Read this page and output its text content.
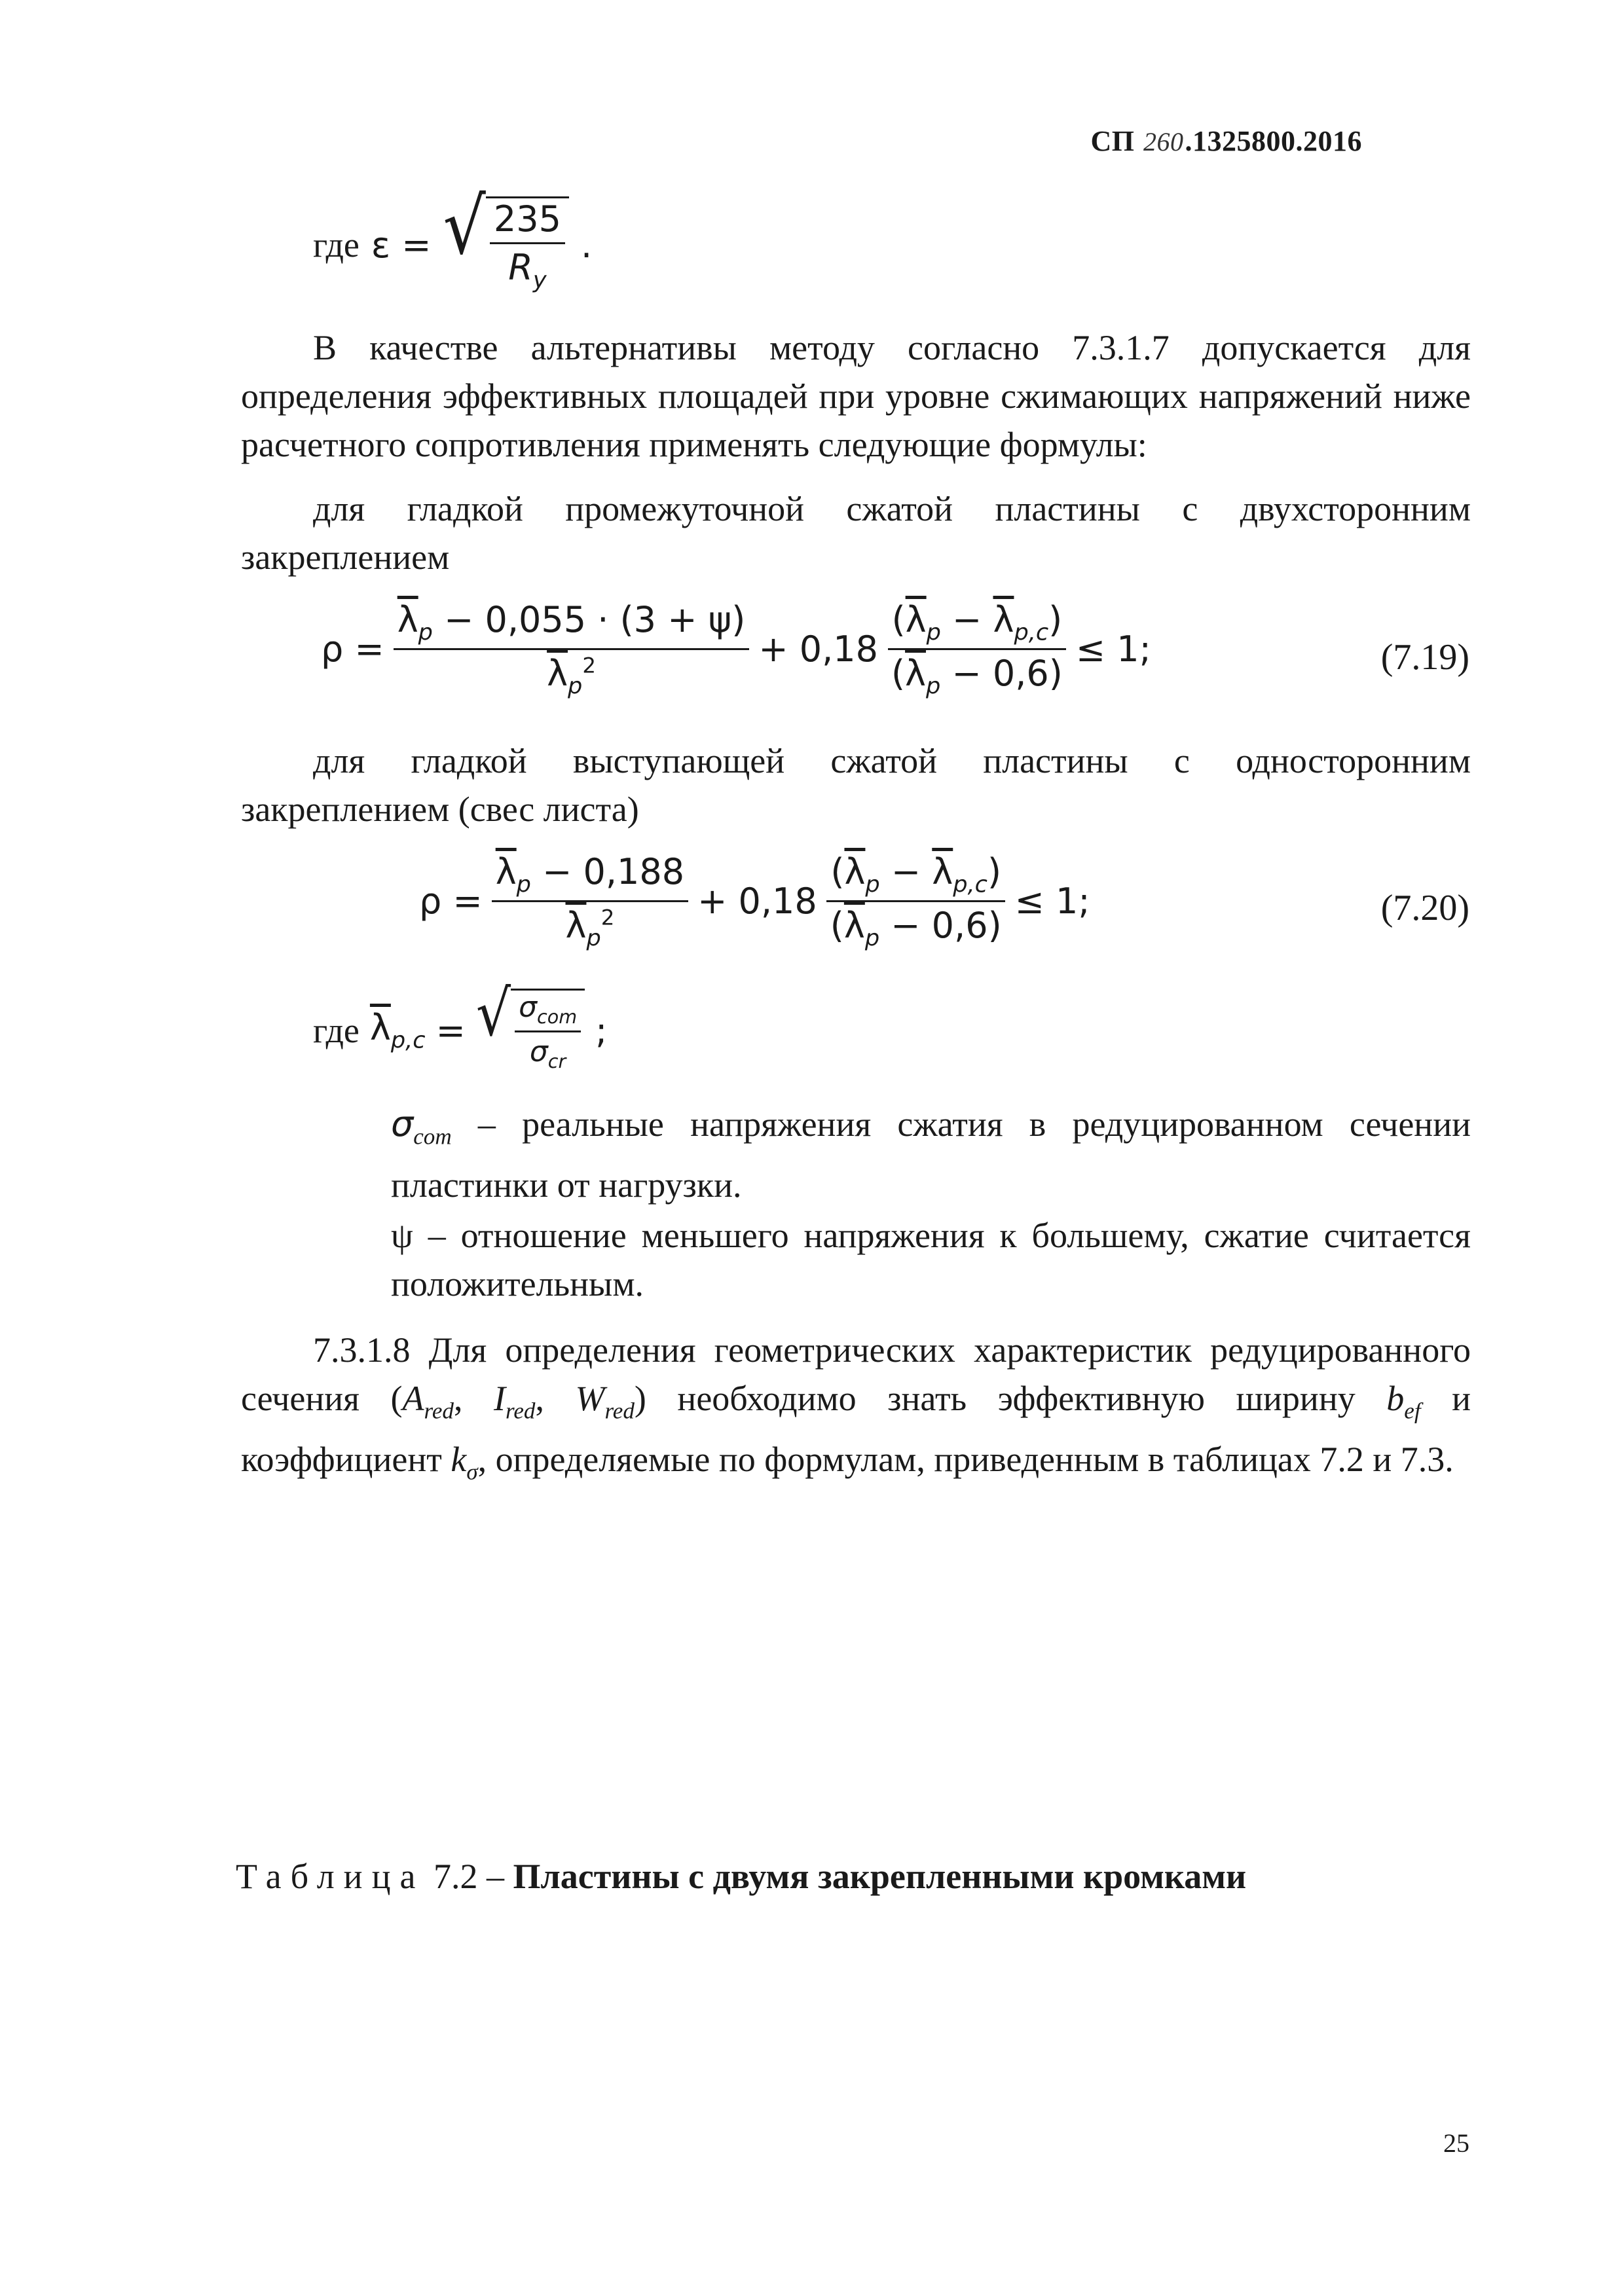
СП 260.1325800.2016
где ε = √ $\frac{235}{R_y}$ .
В качестве альтернативы методу согласно 7.3.1.7 допускается для определения эффективных площадей при уровне сжимающих напряжений ниже расчетного сопротивления применять следующие формулы:
для гладкой промежуточной сжатой пластины с двухсторонним
закреплением
$\rho = \frac{\overline{\lambda}_p - 0,055 \cdot (3 + \psi)}{\overline{\lambda}_p^2} + 0,18 \frac{(\overline{\lambda}_p - \overline{\lambda}_{p,c})}{(\overline{\lambda}_p - 0,6)} \le 1$;	(7.19)
для гладкой выступающей сжатой пластины с односторонним
закреплением (свес листа)
$\rho = \frac{\overline{\lambda}_p - 0,188}{\overline{\lambda}_p^2} + 0,18 \frac{(\overline{\lambda}_p - \overline{\lambda}_{p,c})}{(\overline{\lambda}_p - 0,6)} \le 1$;	(7.20)
где $\overline{\lambda}_{p,c}$ = √ $\frac{\sigma_{com}}{\sigma_{cr}}$ ;
$\sigma_{com}$ – реальные напряжения сжатия в редуцированном сечении пластинки от нагрузки.
ψ – отношение меньшего напряжения к большему, сжатие считается положительным.
7.3.1.8 Для определения геометрических характеристик редуцированного сечения ($A_{red}$, $I_{red}$, $W_{red}$) необходимо знать эффективную ширину $b_{ef}$ и коэффициент $k_\sigma$, определяемые по формулам, приведенным в таблицах 7.2 и 7.3.
Таблица 7.2 – Пластины с двумя закрепленными кромками
25
